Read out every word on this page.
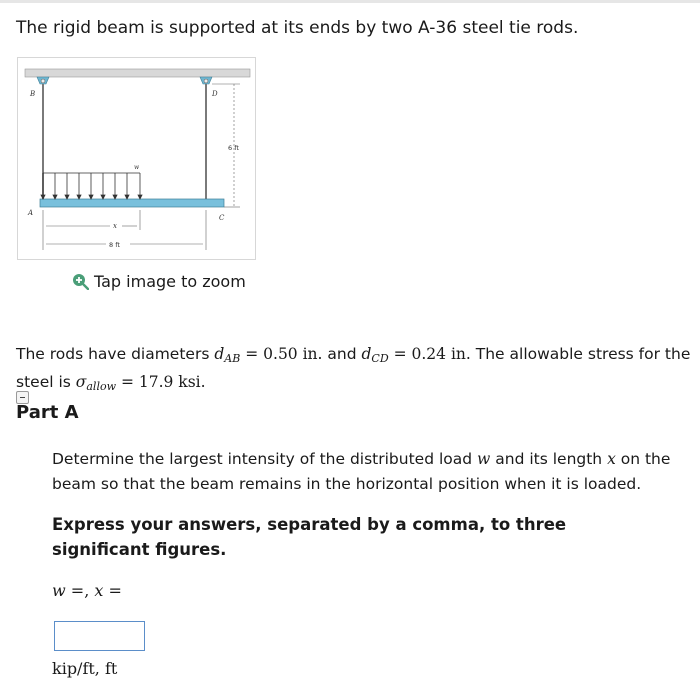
The rigid beam is supported at its ends by two A-36 steel tie rods.
B	D
A
C
w
x
8 ft
6 ft
Tap image to zoom
The rods have diameters dAB = 0.50 in. and dCD = 0.24 in. The allowable stress for the steel is σallow = 17.9 ksi.
Part A
Determine the largest intensity of the distributed load w and its length x on the beam so that the beam remains in the horizontal position when it is loaded.
Express your answers, separated by a comma, to three significant figures.
w =, x =
kip/ft, ft
